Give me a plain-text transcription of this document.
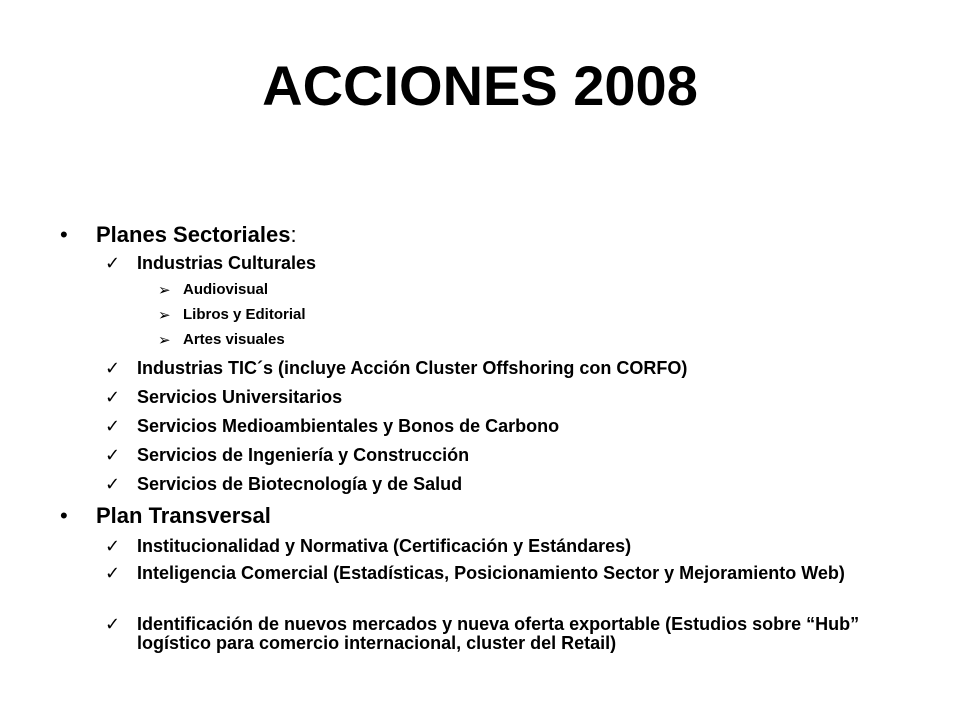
ACCIONES 2008
• Planes Sectoriales:
✓ Industrias Culturales
➢ Audiovisual
➢ Libros y Editorial
➢ Artes visuales
✓ Industrias TIC´s (incluye Acción Cluster Offshoring con CORFO)
✓ Servicios Universitarios
✓ Servicios Medioambientales y Bonos de Carbono
✓ Servicios de Ingeniería y Construcción
✓ Servicios de Biotecnología y de Salud
• Plan Transversal
✓ Institucionalidad y Normativa (Certificación y Estándares)
✓ Inteligencia Comercial (Estadísticas, Posicionamiento Sector y Mejoramiento Web)
✓ Identificación de nuevos mercados y nueva oferta exportable (Estudios sobre “Hub” logístico para comercio internacional, cluster del Retail)
